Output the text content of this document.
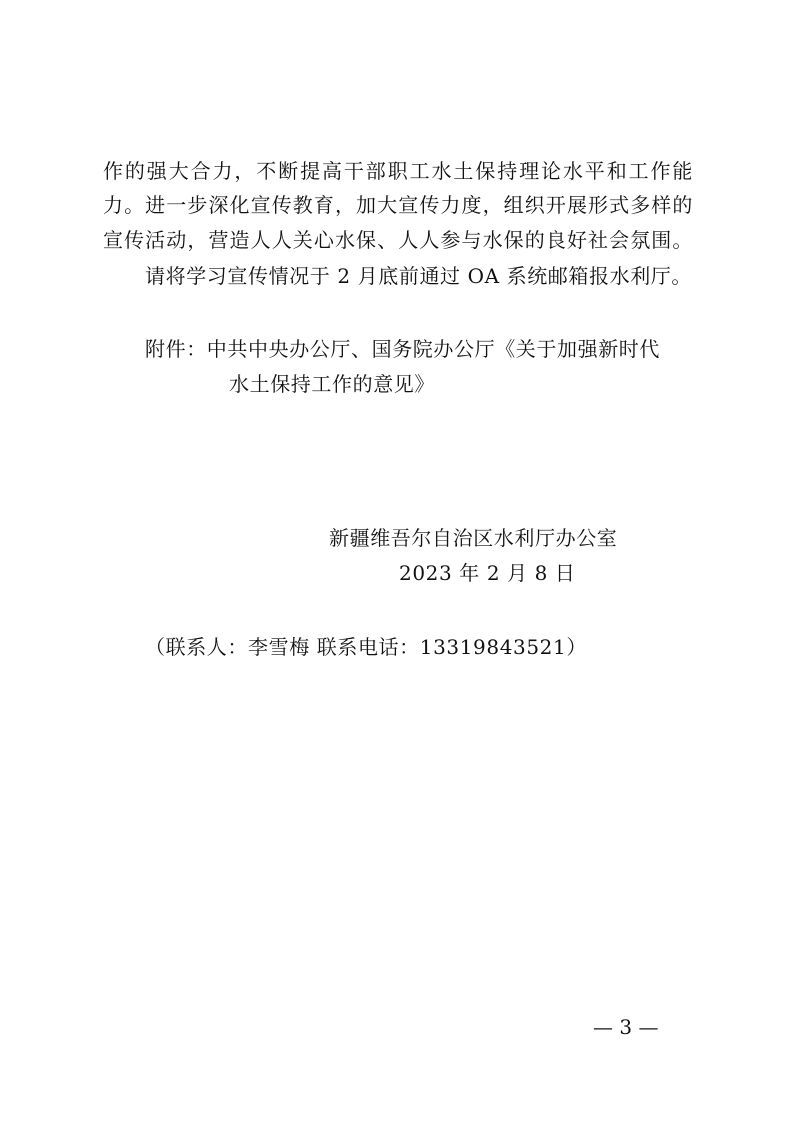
作的强大合力，不断提高干部职工水土保持理论水平和工作能
力。进一步深化宣传教育，加大宣传力度，组织开展形式多样的
宣传活动，营造人人关心水保、人人参与水保的良好社会氛围。
请将学习宣传情况于 2 月底前通过 OA 系统邮箱报水利厅。
附件：中共中央办公厅、国务院办公厅《关于加强新时代
水土保持工作的意见》
新疆维吾尔自治区水利厅办公室
2023 年 2 月 8 日
（联系人：李雪梅 联系电话：13319843521）
— 3 —
